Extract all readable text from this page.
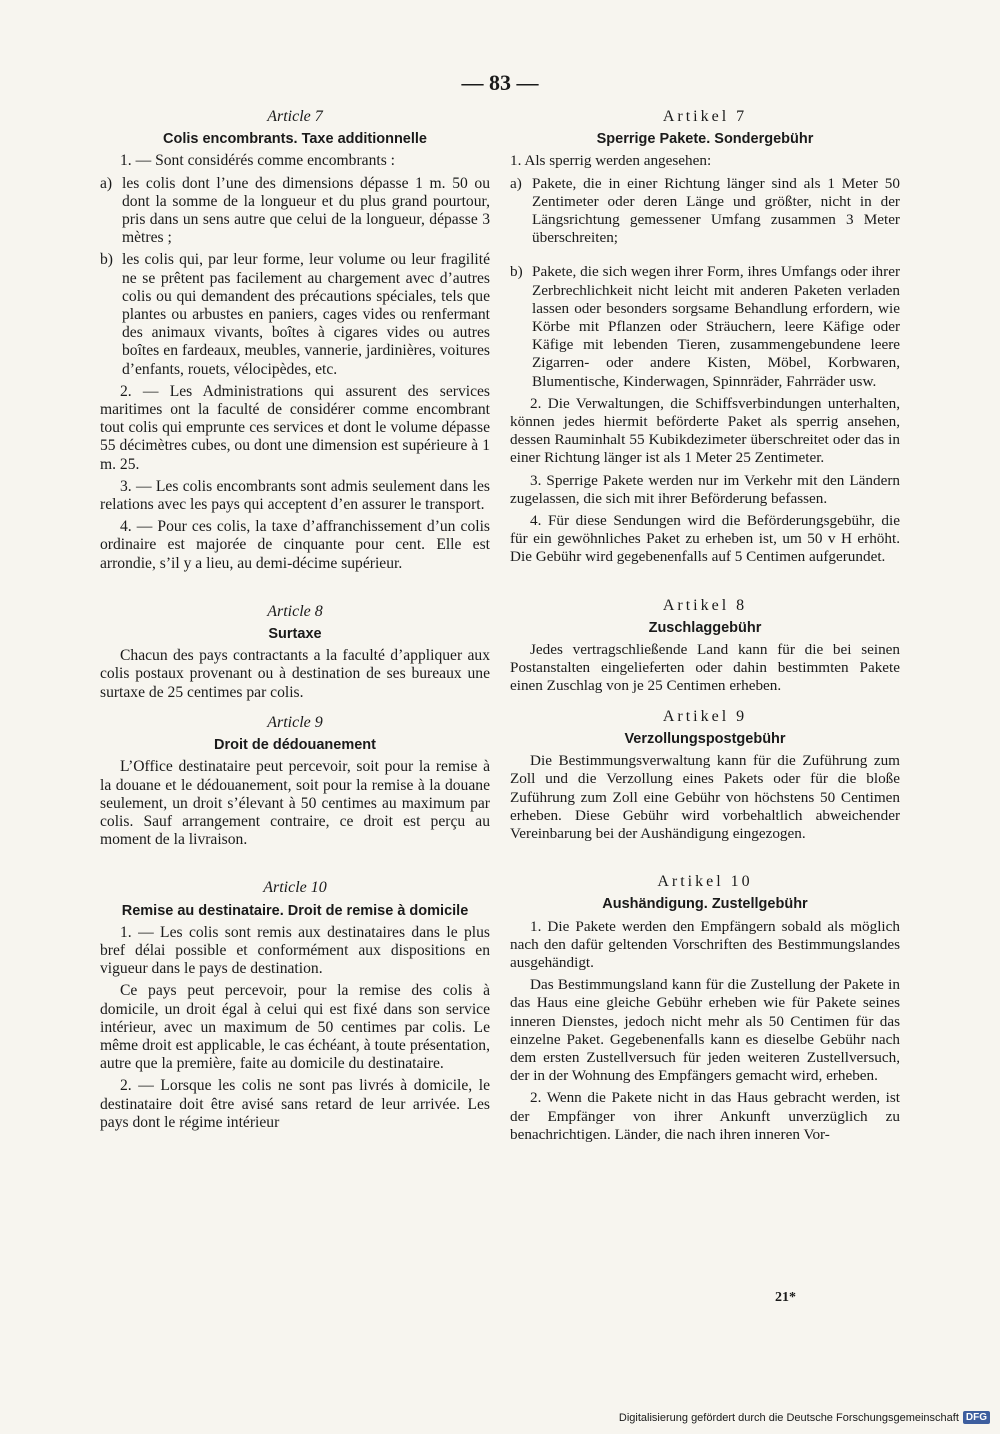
— 83 —
Article 7
Colis encombrants. Taxe additionnelle

1. — Sont considérés comme encombrants :

a) les colis dont l’une des dimensions dépasse 1 m. 50 ou dont la somme de la longueur et du plus grand pourtour, pris dans un sens autre que celui de la longueur, dépasse 3 mètres ;
b) les colis qui, par leur forme, leur volume ou leur fragilité ne se prêtent pas facilement au chargement avec d’autres colis ou qui demandent des précautions spéciales, tels que plantes ou arbustes en paniers, cages vides ou renfermant des animaux vivants, boîtes à cigares vides ou autres boîtes en fardeaux, meubles, vannerie, jardinières, voitures d’enfants, rouets, vélocipèdes, etc.

2. — Les Administrations qui assurent des services maritimes ont la faculté de considérer comme encombrant tout colis qui emprunte ces services et dont le volume dépasse 55 décimètres cubes, ou dont une dimension est supérieure à 1 m. 25.

3. — Les colis encombrants sont admis seulement dans les relations avec les pays qui acceptent d’en assurer le transport.

4. — Pour ces colis, la taxe d’affranchissement d’un colis ordinaire est majorée de cinquante pour cent. Elle est arrondie, s’il y a lieu, au demi-décime supérieur.

Article 8
Surtaxe

Chacun des pays contractants a la faculté d’appliquer aux colis postaux provenant ou à destination de ses bureaux une surtaxe de 25 centimes par colis.

Article 9
Droit de dédouanement

L’Office destinataire peut percevoir, soit pour la remise à la douane et le dédouanement, soit pour la remise à la douane seulement, un droit s’élevant à 50 centimes au maximum par colis. Sauf arrangement contraire, ce droit est perçu au moment de la livraison.

Article 10
Remise au destinataire. Droit de remise à domicile

1. — Les colis sont remis aux destinataires dans le plus bref délai possible et conformément aux dispositions en vigueur dans le pays de destination.

Ce pays peut percevoir, pour la remise des colis à domicile, un droit égal à celui qui est fixé dans son service intérieur, avec un maximum de 50 centimes par colis. Le même droit est applicable, le cas échéant, à toute présentation, autre que la première, faite au domicile du destinataire.

2. — Lorsque les colis ne sont pas livrés à domicile, le destinataire doit être avisé sans retard de leur arrivée. Les pays dont le régime intérieur

Artikel 7
Sperrige Pakete. Sondergebühr

1. Als sperrig werden angesehen:

a) Pakete, die in einer Richtung länger sind als 1 Meter 50 Zentimeter oder deren Länge und größter, nicht in der Längsrichtung gemessener Umfang zusammen 3 Meter überschreiten;
b) Pakete, die sich wegen ihrer Form, ihres Umfangs oder ihrer Zerbrechlichkeit nicht leicht mit anderen Paketen verladen lassen oder besonders sorgsame Behandlung erfordern, wie Körbe mit Pflanzen oder Sträuchern, leere Käfige oder Käfige mit lebenden Tieren, zusammengebundene leere Zigarren- oder andere Kisten, Möbel, Korbwaren, Blumentische, Kinderwagen, Spinnräder, Fahrräder usw.

2. Die Verwaltungen, die Schiffsverbindungen unterhalten, können jedes hiermit beförderte Paket als sperrig ansehen, dessen Rauminhalt 55 Kubikdezimeter überschreitet oder das in einer Richtung länger ist als 1 Meter 25 Zentimeter.

3. Sperrige Pakete werden nur im Verkehr mit den Ländern zugelassen, die sich mit ihrer Beförderung befassen.

4. Für diese Sendungen wird die Beförderungsgebühr, die für ein gewöhnliches Paket zu erheben ist, um 50 v H erhöht. Die Gebühr wird gegebenenfalls auf 5 Centimen aufgerundet.

Artikel 8
Zuschlaggebühr

Jedes vertragschließende Land kann für die bei seinen Postanstalten eingelieferten oder dahin bestimmten Pakete einen Zuschlag von je 25 Centimen erheben.

Artikel 9
Verzollungspostgebühr

Die Bestimmungsverwaltung kann für die Zuführung zum Zoll und die Verzollung eines Pakets oder für die bloße Zuführung zum Zoll eine Gebühr von höchstens 50 Centimen erheben. Diese Gebühr wird vorbehaltlich abweichender Vereinbarung bei der Aushändigung eingezogen.

Artikel 10
Aushändigung. Zustellgebühr

1. Die Pakete werden den Empfängern sobald als möglich nach den dafür geltenden Vorschriften des Bestimmungslandes ausgehändigt.

Das Bestimmungsland kann für die Zustellung der Pakete in das Haus eine gleiche Gebühr erheben wie für Pakete seines inneren Dienstes, jedoch nicht mehr als 50 Centimen für das einzelne Paket. Gegebenenfalls kann es dieselbe Gebühr nach dem ersten Zustellversuch für jeden weiteren Zustellversuch, der in der Wohnung des Empfängers gemacht wird, erheben.

2. Wenn die Pakete nicht in das Haus gebracht werden, ist der Empfänger von ihrer Ankunft unverzüglich zu benachrichtigen. Länder, die nach ihren inneren Vor-

21*
Digitalisierung gefördert durch die Deutsche Forschungsgemeinschaft DFG
